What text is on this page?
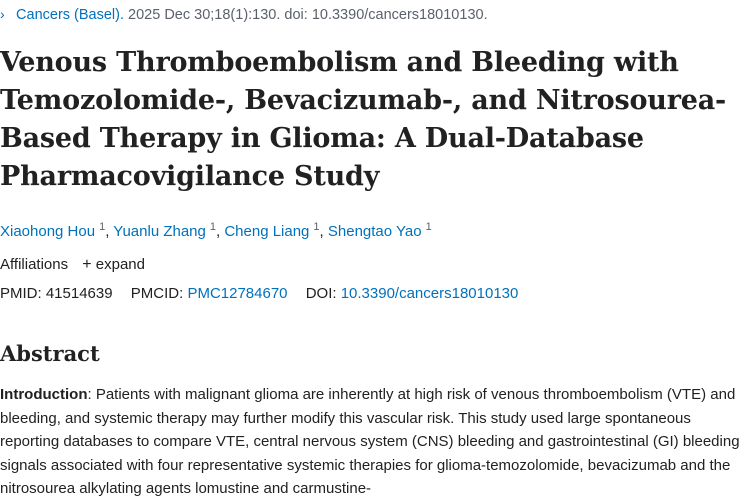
› Cancers (Basel). 2025 Dec 30;18(1):130. doi: 10.3390/cancers18010130.
Venous Thromboembolism and Bleeding with Temozolomide-, Bevacizumab-, and Nitrosourea-Based Therapy in Glioma: A Dual-Database Pharmacovigilance Study
Xiaohong Hou $^1$, Yuanlu Zhang $^1$, Cheng Liang $^1$, Shengtao Yao $^1$
Affiliations + expand
PMID: 41514639 PMCID: PMC12784670 DOI: 10.3390/cancers18010130
Abstract

Introduction: Patients with malignant glioma are inherently at high risk of venous thromboembolism (VTE) and bleeding, and systemic therapy may further modify this vascular risk. This study used large spontaneous reporting databases to compare VTE, central nervous system (CNS) bleeding and gastrointestinal (GI) bleeding signals associated with four representative systemic therapies for glioma-temozolomide, bevacizumab and the nitrosourea alkylating agents lomustine and carmustine-
